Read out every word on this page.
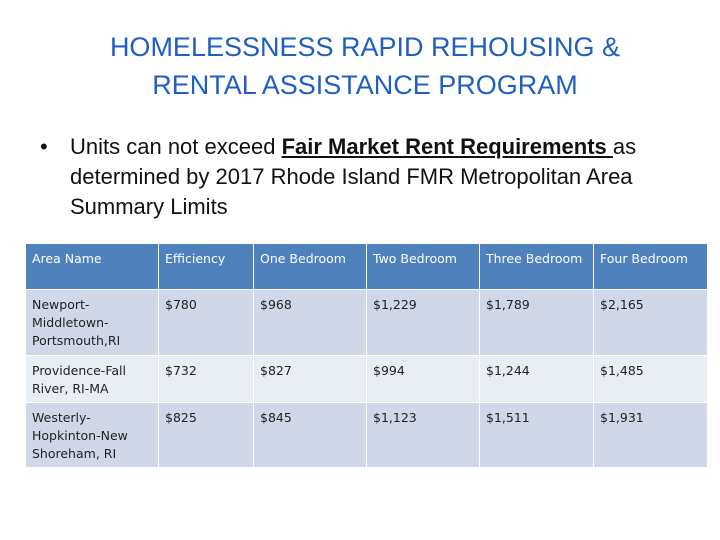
HOMELESSNESS RAPID REHOUSING &
RENTAL ASSISTANCE PROGRAM
• Units can not exceed Fair Market Rent Requirements as determined by 2017 Rhode Island FMR Metropolitan Area Summary Limits
Area Name	Efficiency	One Bedroom	Two Bedroom	Three Bedroom	Four Bedroom
Newport-Middletown-Portsmouth,RI	$780	$968	$1,229	$1,789	$2,165
Providence-Fall River, RI-MA	$732	$827	$994	$1,244	$1,485
Westerly-Hopkinton-New Shoreham, RI	$825	$845	$1,123	$1,511	$1,931
